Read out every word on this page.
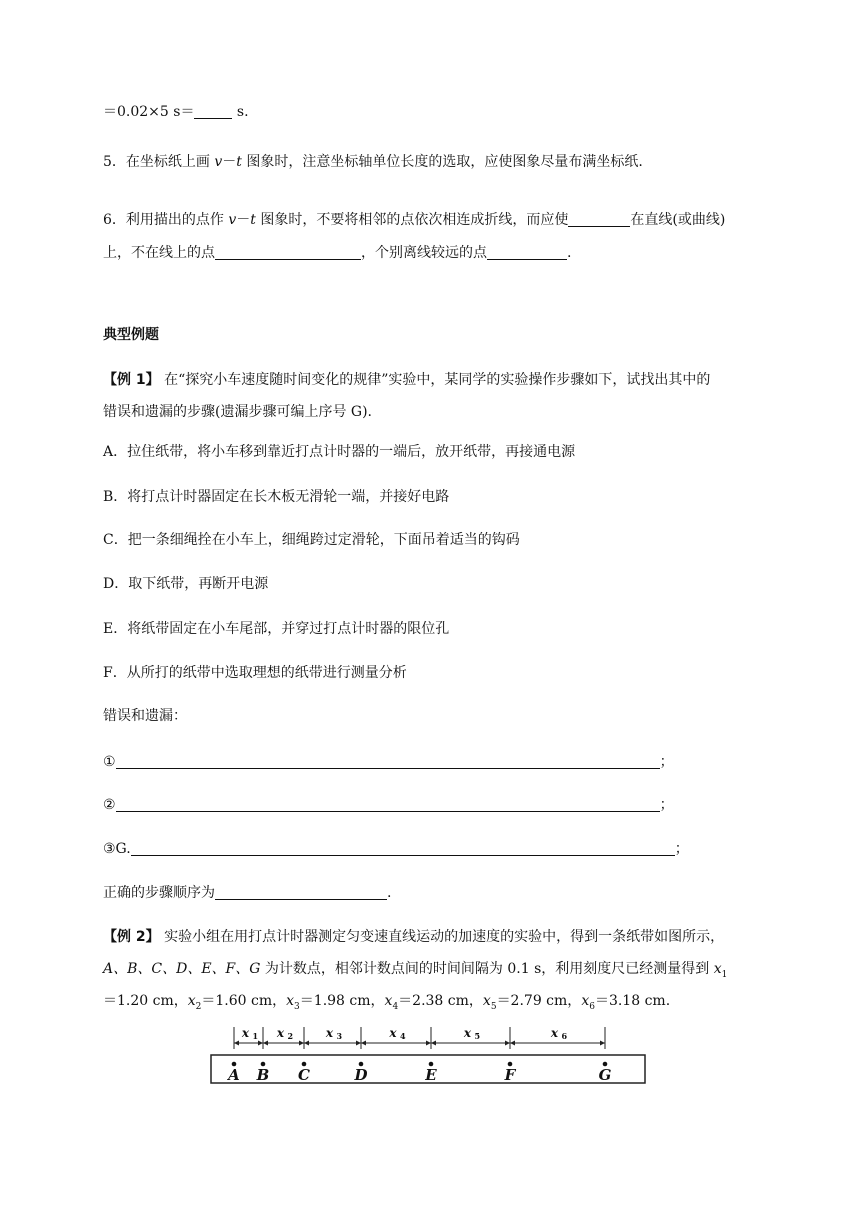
＝0.02×5 s＝	s.
5．在坐标纸上画 v－t 图象时，注意坐标轴单位长度的选取，应使图象尽量布满坐标纸.
6．利用描出的点作 v－t 图象时，不要将相邻的点依次相连成折线，而应使	在直线(或曲线)
上，不在线上的点	，个别离线较远的点	.
典型例题
【例 1】 在“探究小车速度随时间变化的规律”实验中，某同学的实验操作步骤如下，试找出其中的
错误和遗漏的步骤(遗漏步骤可编上序号 G).
A．拉住纸带，将小车移到靠近打点计时器的一端后，放开纸带，再接通电源
B．将打点计时器固定在长木板无滑轮一端，并接好电路
C．把一条细绳拴在小车上，细绳跨过定滑轮，下面吊着适当的钩码
D．取下纸带，再断开电源
E．将纸带固定在小车尾部，并穿过打点计时器的限位孔
F．从所打的纸带中选取理想的纸带进行测量分析
错误和遗漏：
①	；
②	；
③G.	；
正确的步骤顺序为	.
【例 2】 实验小组在用打点计时器测定匀变速直线运动的加速度的实验中，得到一条纸带如图所示，
A、B、C、D、E、F、G 为计数点，相邻计数点间的时间间隔为 0.1 s，利用刻度尺已经测量得到 $x_1$
＝1.20 cm，$x_2=1.60$ cm，$x_3=1.98$ cm，$x_4=2.38$ cm，$x_5=2.79$ cm，$x_6=3.18$ cm.
A B C	D	E	F	G
x 1 x 2	x 3	x 4	x 5	x 6
